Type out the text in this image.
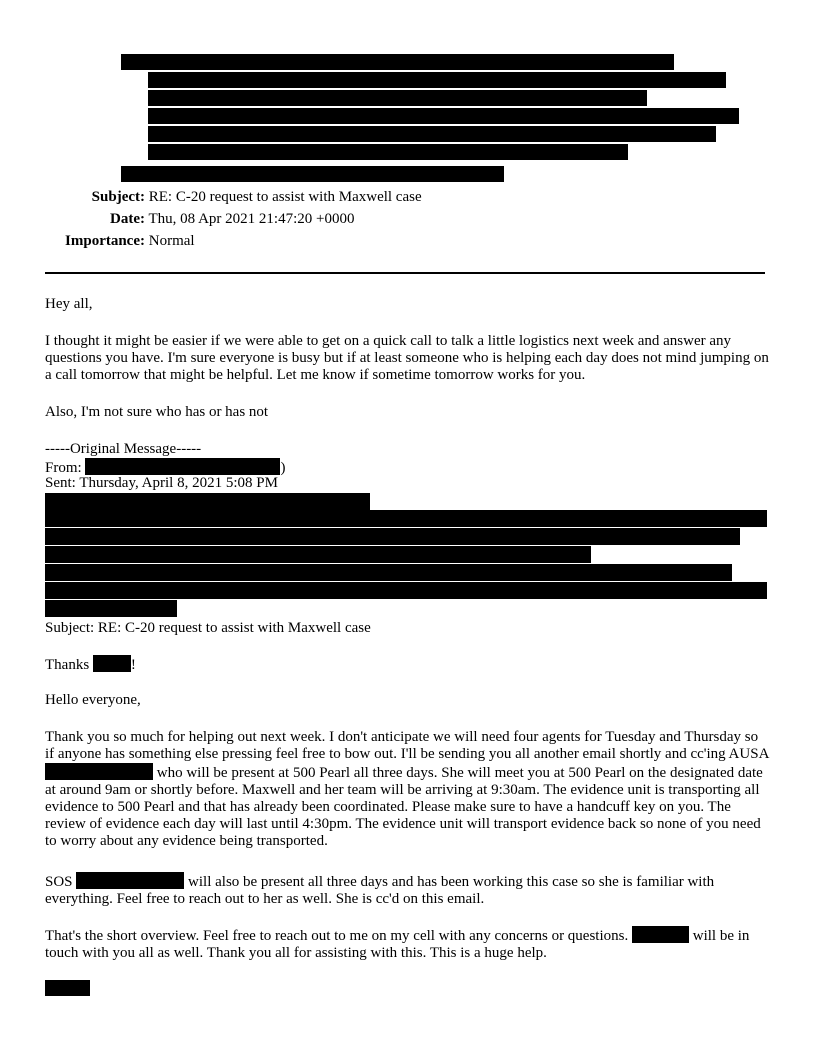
Subject: RE: C-20 request to assist with Maxwell case
Date: Thu, 08 Apr 2021 21:47:20 +0000
Importance: Normal

Hey all,

I thought it might be easier if we were able to get on a quick call to talk a little logistics next week and answer any questions you have. I'm sure everyone is busy but if at least someone who is helping each day does not mind jumping on a call tomorrow that might be helpful. Let me know if sometime tomorrow works for you.

Also, I'm not sure who has or has not

-----Original Message-----

From:	)

Sent: Thursday, April 8, 2021 5:08 PM

Subject: RE: C-20 request to assist with Maxwell case

Thanks	!

Hello everyone,

Thank you so much for helping out next week. I don't anticipate we will need four agents for Tuesday and Thursday so if anyone has something else pressing feel free to bow out. I'll be sending you all another email shortly and cc'ing AUSA  who will be present at 500 Pearl all three days. She will meet you at 500 Pearl on the designated date at around 9am or shortly before. Maxwell and her team will be arriving at 9:30am. The evidence unit is transporting all evidence to 500 Pearl and that has already been coordinated. Please make sure to have a handcuff key on you. The review of evidence each day will last until 4:30pm. The evidence unit will transport evidence back so none of you need to worry about any evidence being transported.

SOS	will also be present all three days and has been working this case so she is familiar with everything. Feel free to reach out to her as well. She is cc'd on this email.

That's the short overview. Feel free to reach out to me on my cell with any concerns or questions.	will be in touch with you all as well. Thank you all for assisting with this. This is a huge help.
